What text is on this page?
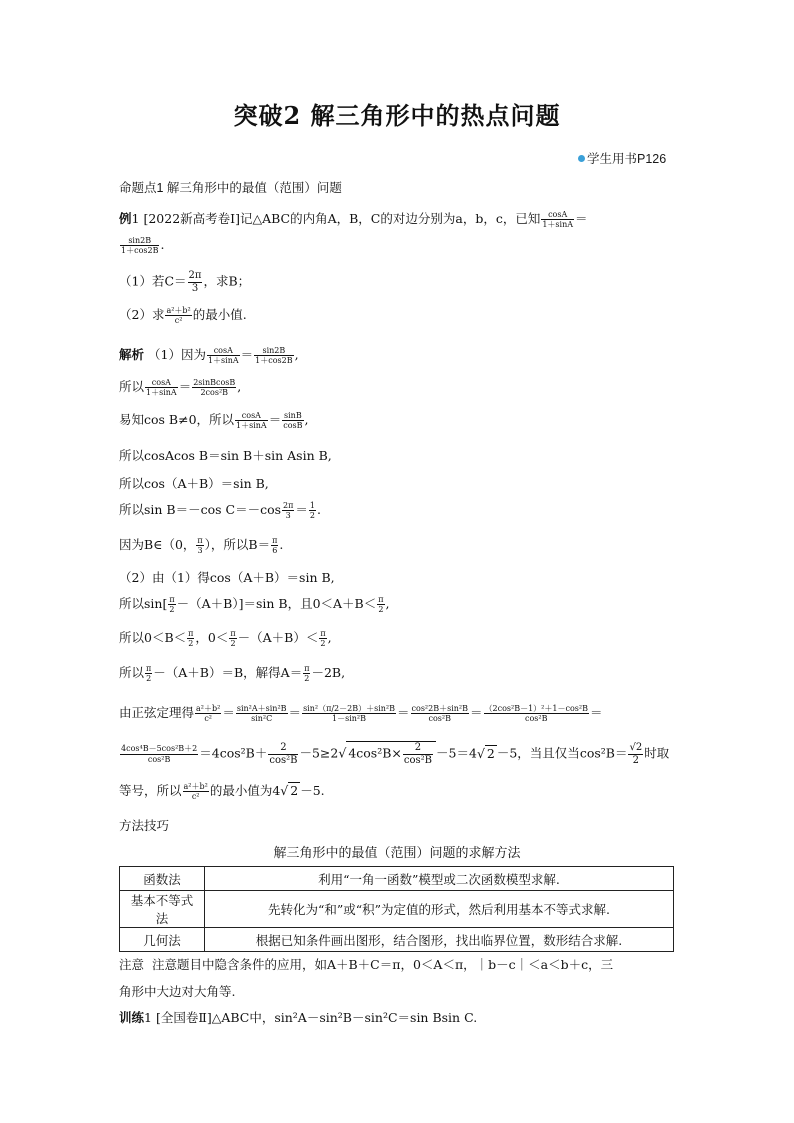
突破2 解三角形中的热点问题
学生用书P126
命题点1 解三角形中的最值（范围）问题
例1 [2022新高考卷Ⅰ]记△ABC的内角A，B，C的对边分别为a，b，c，已知 $\frac{\cos A}{1+\sin A}$ ＝
$\frac{\sin 2B}{1+\cos 2B}$ .
（1）若$C= \frac{2\pi}{3}$ ，求B；
（2）求 $\frac{\text{a²＋b²}}{\text{c²}}$ 的最小值.
解析 （1）因为 $\frac{\cos A}{1+\sin A} = \frac{\sin 2B}{1+\cos 2B}$ ,
所以 $\frac{\cos A}{1+\sin A} = \frac{\text{2sinBcosB}}{\text{2cos²B}}$ ,
易知cos B≠0，所以 $\frac{\cos A}{1+\sin A} = \frac{\sin B}{\cos B}$ ,
所以cosAcos B＝sin B＋sin Asin B,
所以cos（A＋B）＝sin B,
所以sin B＝－cos $C=-\cos \frac{2\pi}{3} = \frac{1}{2}$ .
因为B∈（0， $\frac{\pi}{3}$ ），所以$B= \frac{\pi}{6}$ .
（2）由（1）得cos（A＋B）＝sin B,
所以$\sin[ \frac{\pi}{2} -(A+B)]=\sin$ B，且$0<A+B< \frac{\pi}{2}$ ,
所以$0<B< \frac{\pi}{2}$ ，$0< \frac{\pi}{2} -(A+B)< \frac{\pi}{2}$ ,
所以 $\frac{\pi}{2} -(A+B)=B$，解得$A= \frac{\pi}{2} -2B$,
由正弦定理得 $\frac{\text{a²＋b²}}{\text{c²}} = \frac{\text{sin²A＋sin²B}}{\text{sin²C}} = \frac{\text{sin²（π/2－2B）＋sin²B}}{\text{1－sin²B}} = \frac{\text{cos²2B＋sin²B}}{\text{cos²B}} = \frac{\text{（2cos²B－1）²＋1－cos²B}}{\text{cos²B}}$ ＝
$\frac{\text{4cos⁴B－5cos²B＋2}}{\text{cos²B}} =4\cos^2B+ \frac{2}{\text{cos²B}} -5\ge 2√$ $4\cos^2B\times \frac{2}{\text{cos²B}} -5=4√$ 2 －5，当且仅当$\cos^2B= \frac{√2}{2}$ 时取
等号，所以 $\frac{\text{a²＋b²}}{\text{c²}}$ 的最小值为4√ 2 －5.
方法技巧
解三角形中的最值（范围）问题的求解方法
函数法	利用“一角一函数”模型或二次函数模型求解.
基本不等式法	先转化为“和”或“积”为定值的形式，然后利用基本不等式求解.
几何法	根据已知条件画出图形，结合图形，找出临界位置，数形结合求解.
注意 注意题目中隐含条件的应用，如A＋B＋C＝π，0＜A＜π，｜b－c｜＜a＜b＋c，三
角形中大边对大角等.
训练1 [全国卷Ⅱ]△ABC中，sin²A－sin²B－sin²C＝sin Bsin C.
